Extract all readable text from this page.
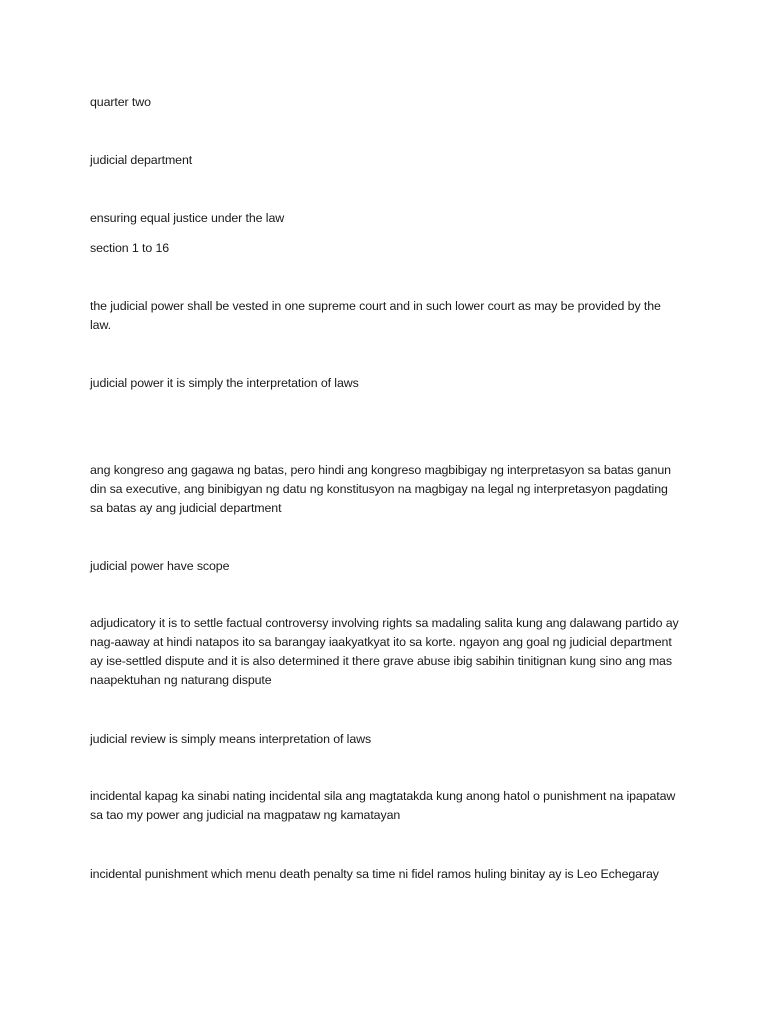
quarter two

judicial department

ensuring equal justice under the law

section 1 to 16

the judicial power shall be vested in one supreme court and in such lower court as may be provided by the law.

judicial power it is simply the interpretation of laws

ang kongreso ang gagawa ng batas, pero hindi ang kongreso magbibigay ng interpretasyon sa batas ganun din sa executive, ang binibigyan ng datu ng konstitusyon na magbigay na legal ng interpretasyon pagdating sa batas ay ang judicial department

judicial power have scope

adjudicatory it is to settle factual controversy involving rights sa madaling salita kung ang dalawang partido ay nag-aaway at hindi natapos ito sa barangay iaakyatkyat ito sa korte. ngayon ang goal ng judicial department ay ise-settled dispute and it is also determined it there grave abuse ibig sabihin tinitignan kung sino ang mas naapektuhan ng naturang dispute

judicial review is simply means interpretation of laws

incidental kapag ka sinabi nating incidental sila ang magtatakda kung anong hatol o punishment na ipapataw sa tao my power ang judicial na magpataw ng kamatayan

incidental punishment which menu death penalty sa time ni fidel ramos huling binitay ay is Leo Echegaray
